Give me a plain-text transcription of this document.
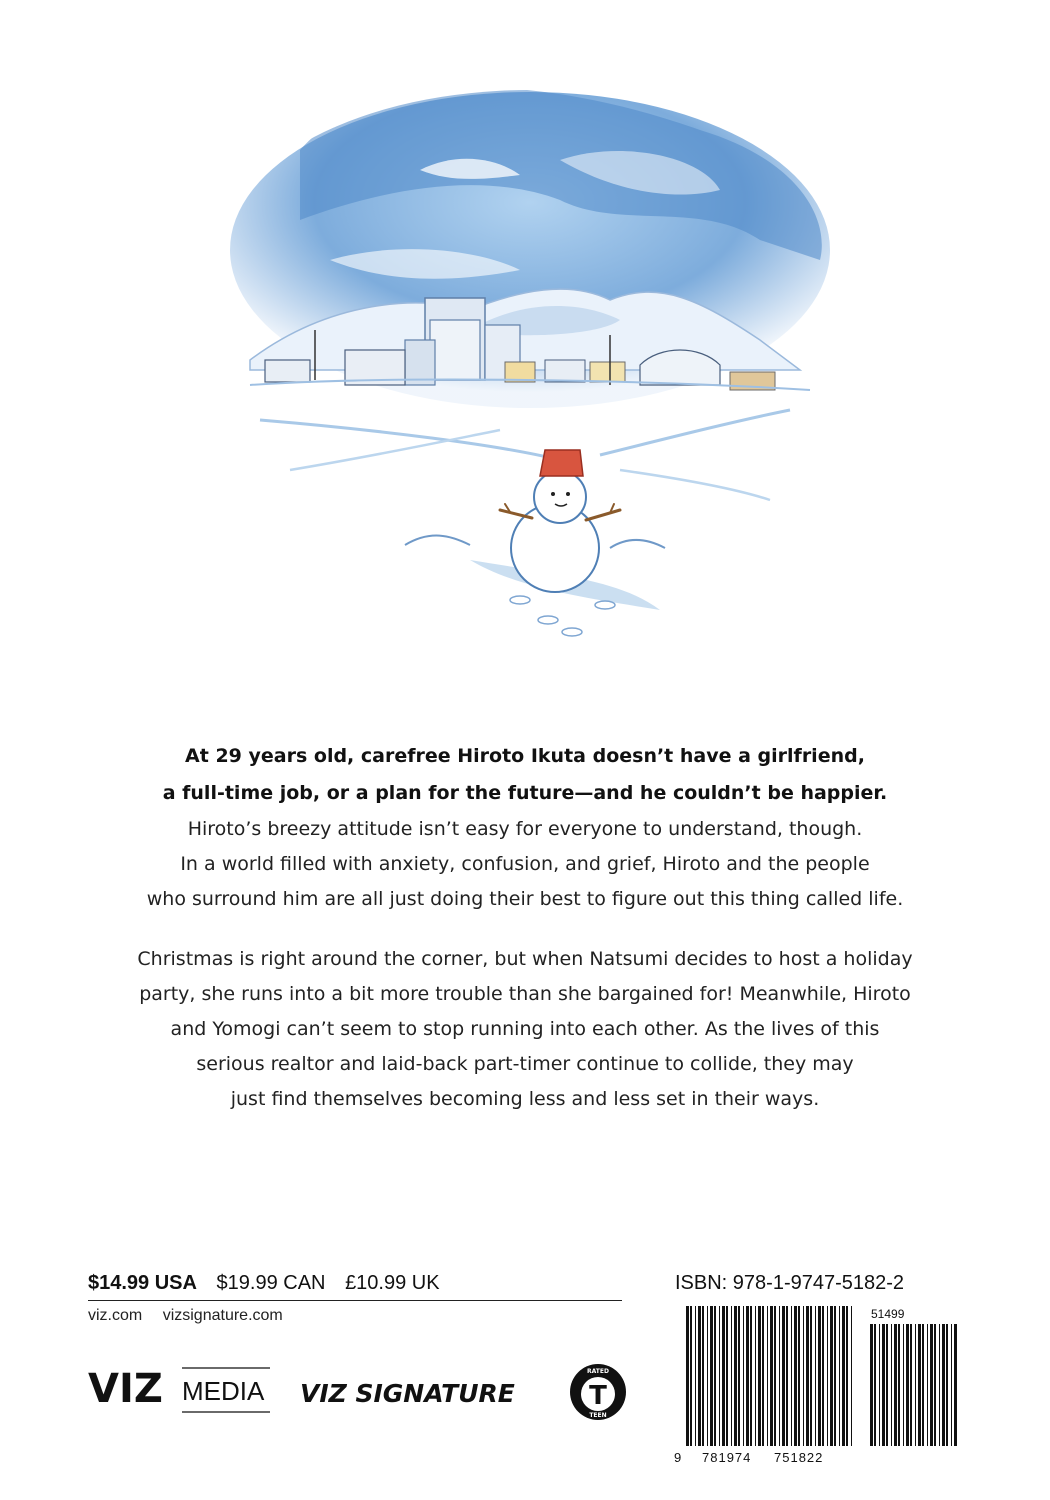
At 29 years old, carefree Hiroto Ikuta doesn’t have a girlfriend,

a full-time job, or a plan for the future—and he couldn’t be happier.

Hiroto’s breezy attitude isn’t easy for everyone to understand, though.

In a world filled with anxiety, confusion, and grief, Hiroto and the people

who surround him are all just doing their best to figure out this thing called life.

Christmas is right around the corner, but when Natsumi decides to host a holiday

party, she runs into a bit more trouble than she bargained for! Meanwhile, Hiroto

and Yomogi can’t seem to stop running into each other. As the lives of this

serious realtor and laid-back part-timer continue to collide, they may

just find themselves becoming less and less set in their ways.

$14.99 USA $19.99 CAN £10.99 UK
viz.com vizsignature.com
VIZ MEDIA VIZ SIGNATURE	T
RATED
TEEN
ISBN: 978-1-9747-5182-2
51499
9 781974 751822
